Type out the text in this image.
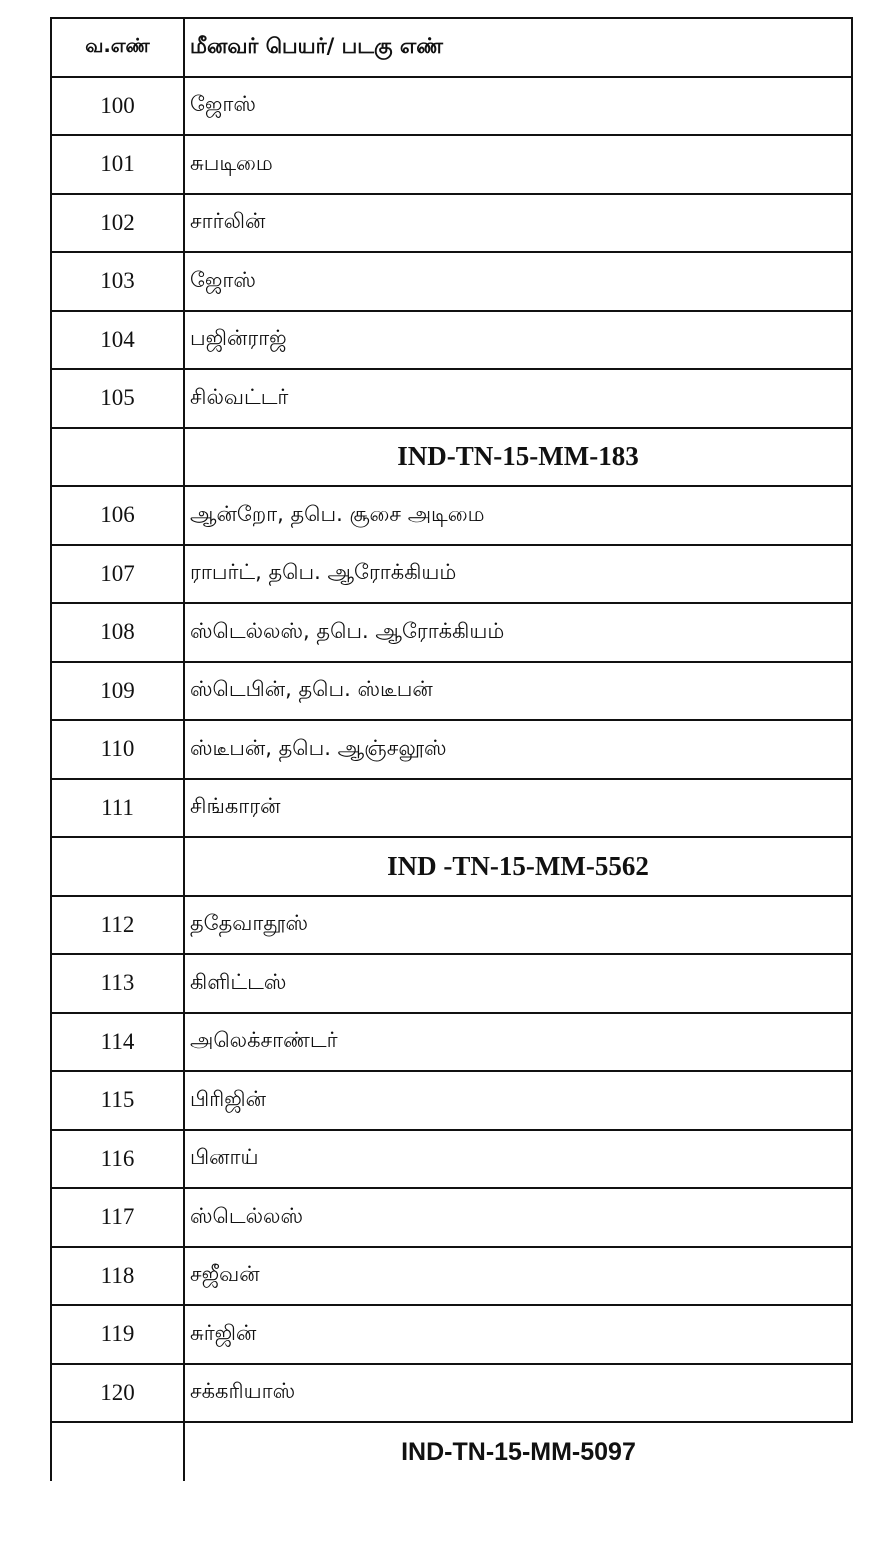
வ.எண்	மீனவர் பெயர்/ படகு எண்
100	ஜோஸ்
101	சுபடிமை
102	சார்லின்
103	ஜோஸ்
104	பஜின்ராஜ்
105	சில்வட்டர்
	IND-TN-15-MM-183
106	ஆன்றோ, தபெ. சூசை அடிமை
107	ராபர்ட், தபெ. ஆரோக்கியம்
108	ஸ்டெல்லஸ், தபெ. ஆரோக்கியம்
109	ஸ்டெபின், தபெ. ஸ்டீபன்
110	ஸ்டீபன், தபெ. ஆஞ்சலூஸ்
111	சிங்காரன்
	IND -TN-15-MM-5562
112	ததேவாதூஸ்
113	கிளிட்டஸ்
114	அலெக்சாண்டர்
115	பிரிஜின்
116	பினாய்
117	ஸ்டெல்லஸ்
118	சஜீவன்
119	சுர்ஜின்
120	சக்கரியாஸ்
	IND-TN-15-MM-5097
